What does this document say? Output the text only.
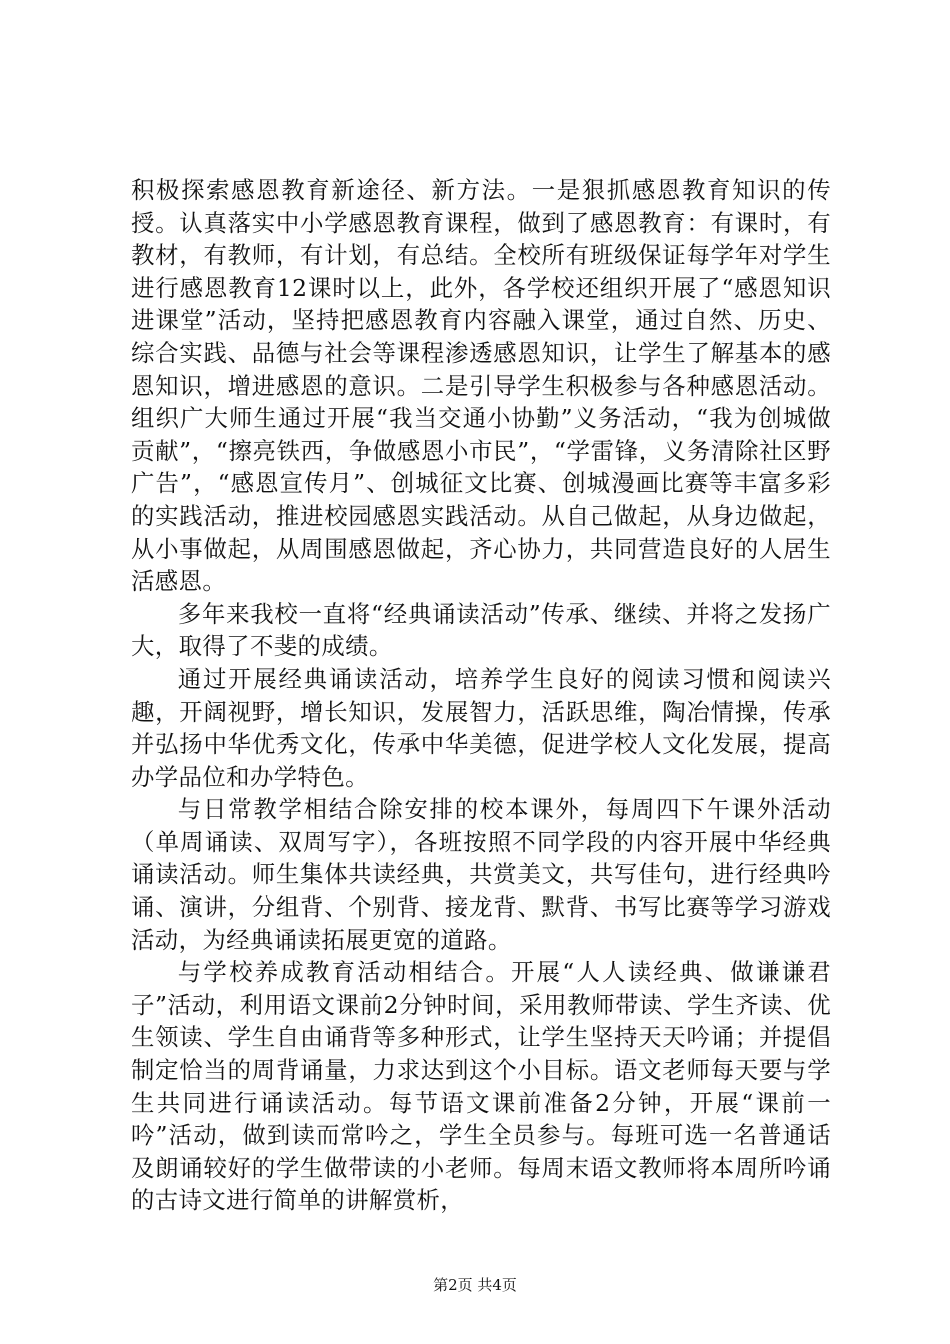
积极探索感恩教育新途径、新方法。一是狠抓感恩教育知识的传授。认真落实中小学感恩教育课程，做到了感恩教育：有课时，有教材，有教师，有计划，有总结。全校所有班级保证每学年对学生进行感恩教育12课时以上，此外，各学校还组织开展了“感恩知识进课堂”活动，坚持把感恩教育内容融入课堂，通过自然、历史、综合实践、品德与社会等课程渗透感恩知识，让学生了解基本的感恩知识，增进感恩的意识。二是引导学生积极参与各种感恩活动。组织广大师生通过开展“我当交通小协勤”义务活动，“我为创城做贡献”，“擦亮铁西，争做感恩小市民”，“学雷锋，义务清除社区野广告”，“感恩宣传月”、创城征文比赛、创城漫画比赛等丰富多彩的实践活动，推进校园感恩实践活动。从自己做起，从身边做起，从小事做起，从周围感恩做起，齐心协力，共同营造良好的人居生活感恩。

多年来我校一直将“经典诵读活动”传承、继续、并将之发扬广大，取得了不斐的成绩。

通过开展经典诵读活动，培养学生良好的阅读习惯和阅读兴趣，开阔视野，增长知识，发展智力，活跃思维，陶冶情操，传承并弘扬中华优秀文化，传承中华美德，促进学校人文化发展，提高办学品位和办学特色。

与日常教学相结合除安排的校本课外，每周四下午课外活动（单周诵读、双周写字），各班按照不同学段的内容开展中华经典诵读活动。师生集体共读经典，共赏美文，共写佳句，进行经典吟诵、演讲，分组背、个别背、接龙背、默背、书写比赛等学习游戏活动，为经典诵读拓展更宽的道路。

与学校养成教育活动相结合。开展“人人读经典、做谦谦君子”活动，利用语文课前2分钟时间，采用教师带读、学生齐读、优生领读、学生自由诵背等多种形式，让学生坚持天天吟诵；并提倡制定恰当的周背诵量，力求达到这个小目标。语文老师每天要与学生共同进行诵读活动。每节语文课前准备2分钟，开展“课前一吟”活动，做到读而常吟之，学生全员参与。每班可选一名普通话及朗诵较好的学生做带读的小老师。每周末语文教师将本周所吟诵的古诗文进行简单的讲解赏析，

第2页 共4页
